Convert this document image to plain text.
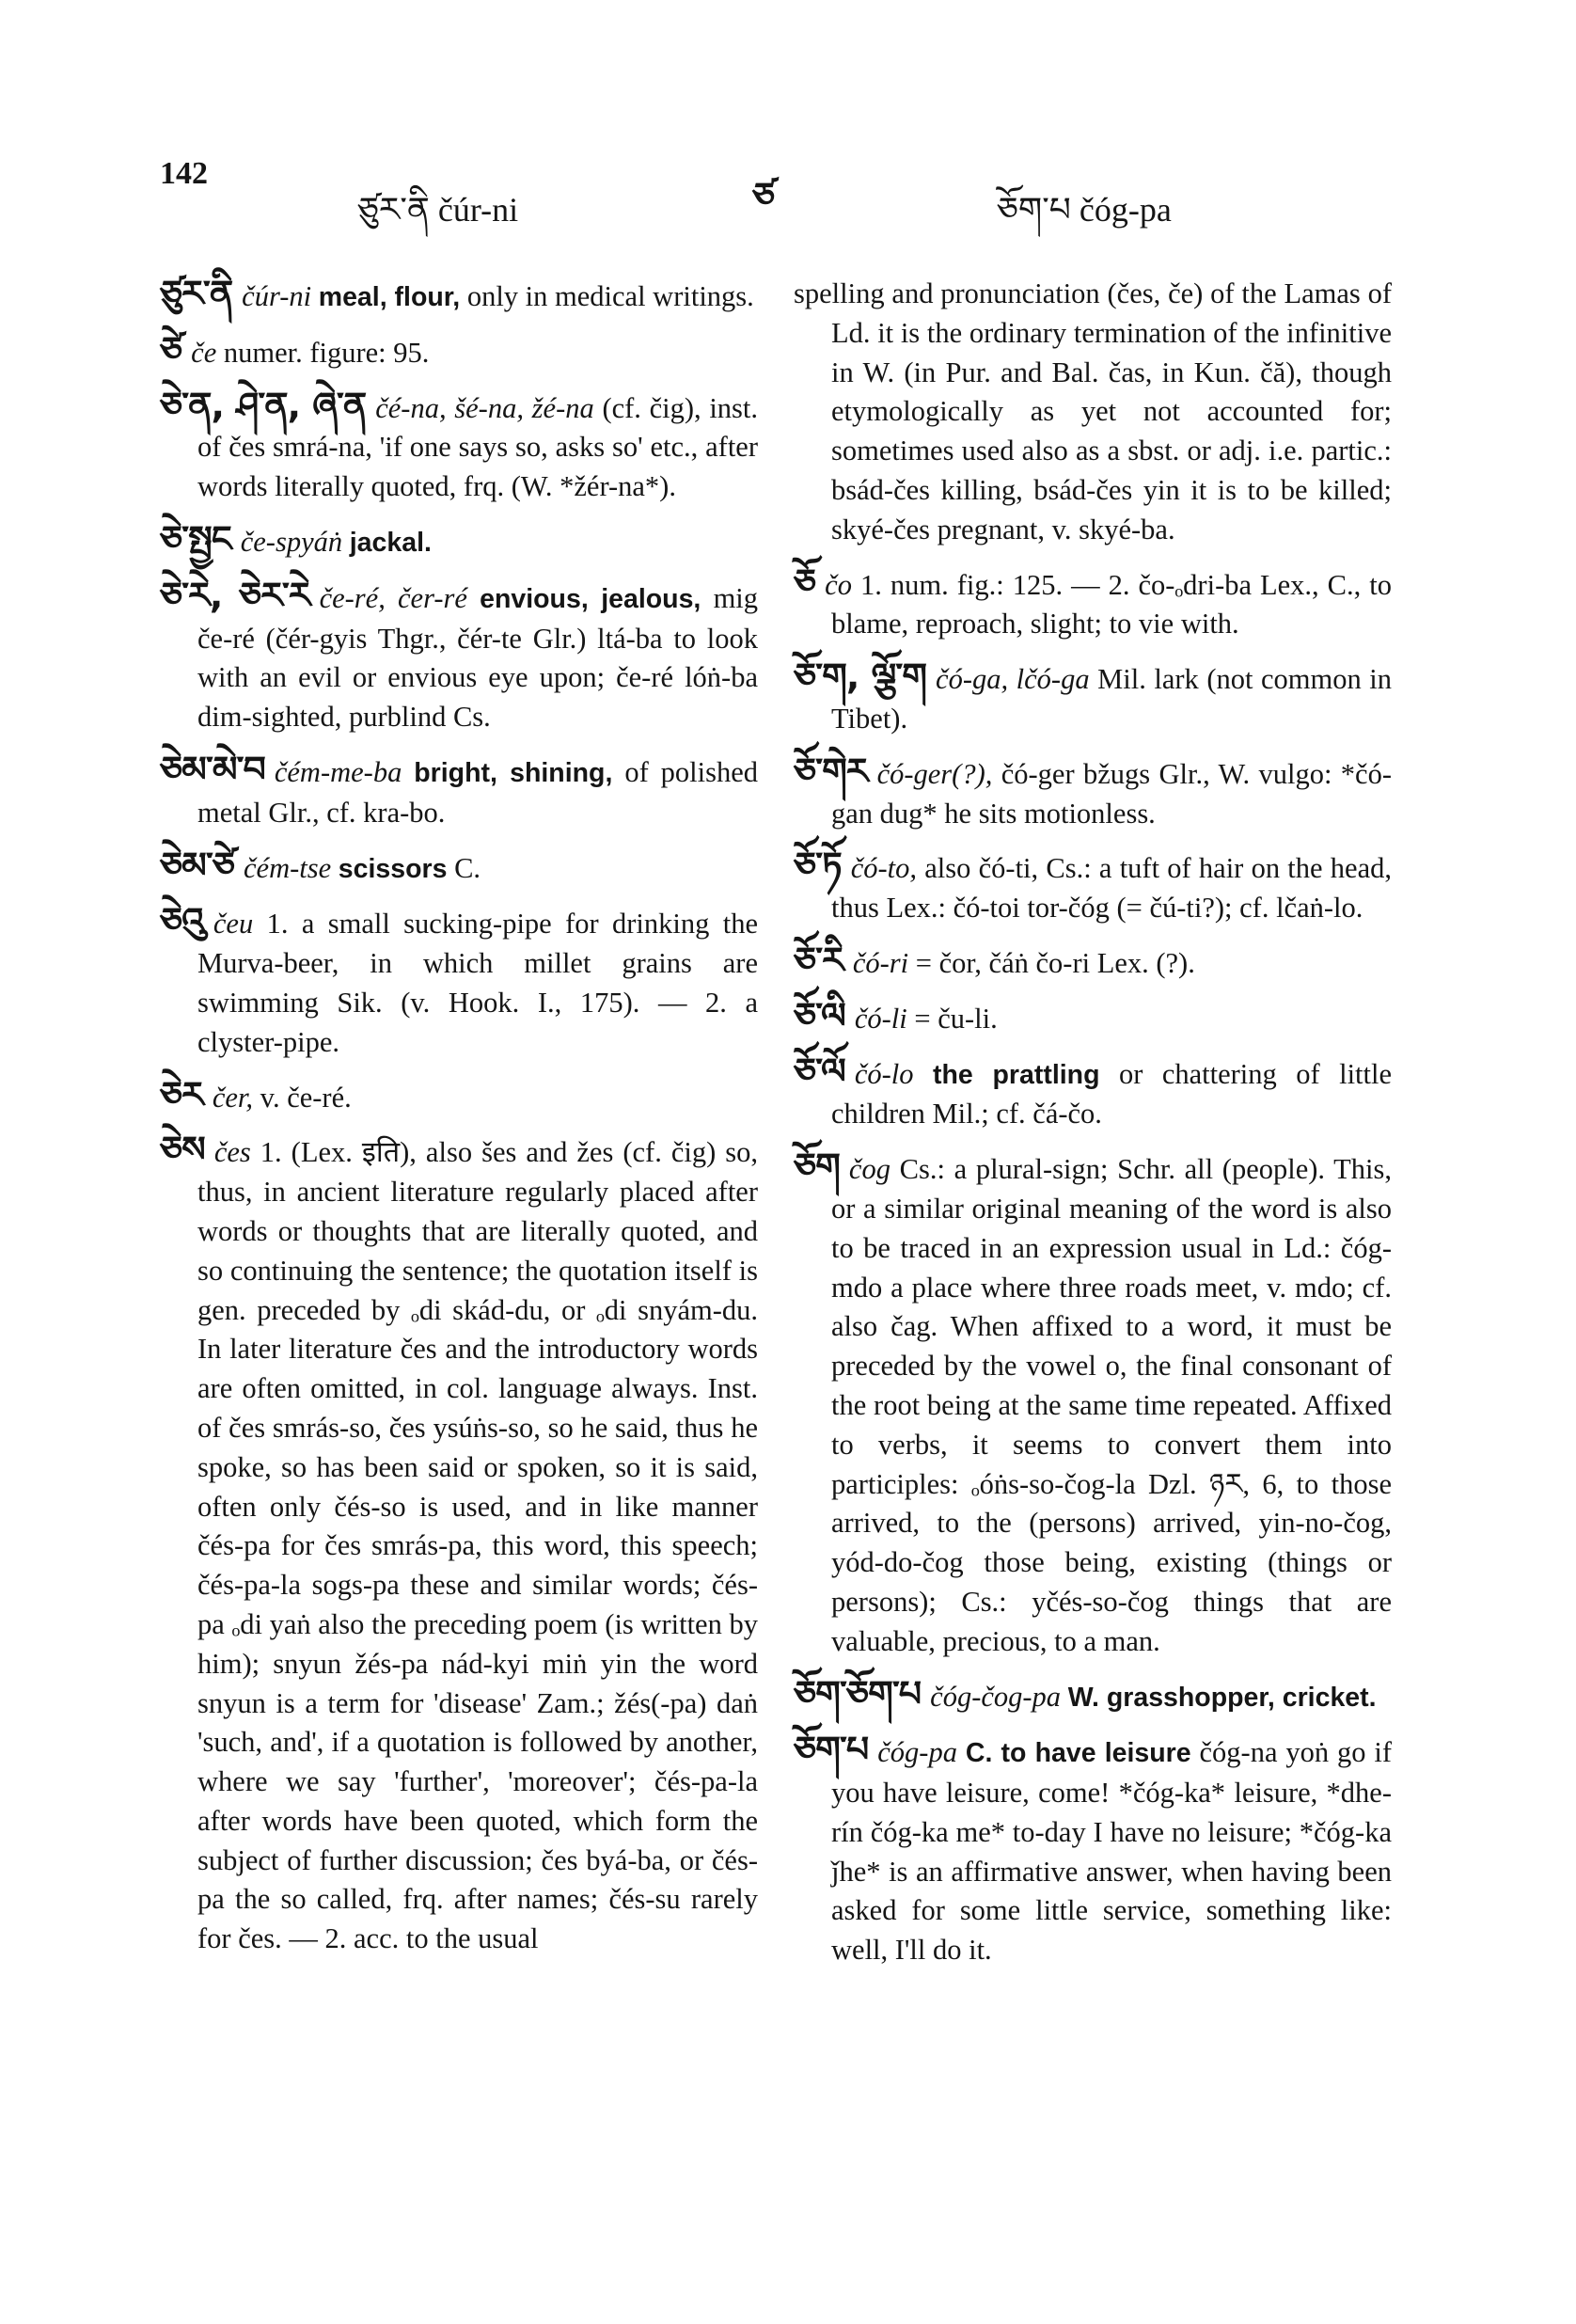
142
ཙུར་ནི čúr-ni	ཙ	ཅོག་པ čóg-pa

ཙུར་ནི čúr-ni meal, flour, only in medical writings.

ཙེ če numer. figure: 95.

ཅེ་ན, ཤེ་ན, ཞེ་ན čé-na, šé-na, žé-na (cf. čig), inst. of čes smrá-na, 'if one says so, asks so' etc., after words literally quoted, frq. (W. *žér-na*).

ཅེ་སྤྱང če-spyáṅ jackal.

ཅེ་རེ, ཅེར་རེ če-ré, čer-ré envious, jealous, mig če-ré (čér-gyis Thgr., čér-te Glr.) ltá-ba to look with an evil or envious eye upon; če-ré lóṅ-ba dim-sighted, purblind Cs.

ཅེམ་མེ་བ čém-me-ba bright, shining, of polished metal Glr., cf. kra-bo.

ཅེམ་ཙེ čém-tse scissors C.

ཅེའུ čeu 1. a small sucking-pipe for drinking the Murva-beer, in which millet grains are swimming Sik. (v. Hook. I., 175). — 2. a clyster-pipe.

ཅེར čer, v. če-ré.

ཅེས čes 1. (Lex. इति), also šes and žes (cf. čig) so, thus, in ancient literature regularly placed after words or thoughts that are literally quoted, and so continuing the sentence; the quotation itself is gen. preceded by ₒdi skád-du, or ₒdi snyám-du. In later literature čes and the introductory words are often omitted, in col. language always. Inst. of čes smrás-so, čes ysúṅs-so, so he said, thus he spoke, so has been said or spoken, so it is said, often only čés-so is used, and in like manner čés-pa for čes smrás-pa, this word, this speech; čés-pa-la sogs-pa these and similar words; čés-pa ₒdi yaṅ also the preceding poem (is written by him); snyun žés-pa nád-kyi miṅ yin the word snyun is a term for 'disease' Zam.; žés(-pa) daṅ 'such, and', if a quotation is followed by another, where we say 'further', 'moreover'; čés-pa-la after words have been quoted, which form the subject of further discussion; čes byá-ba, or čés-pa the so called, frq. after names; čés-su rarely for čes. — 2. acc. to the usual

spelling and pronunciation (čes, če) of the Lamas of Ld. it is the ordinary termination of the infinitive in W. (in Pur. and Bal. čas, in Kun. čă), though etymologically as yet not accounted for; sometimes used also as a sbst. or adj. i.e. partic.: bsád-čes killing, bsád-čes yin it is to be killed; skyé-čes pregnant, v. skyé-ba.

ཅོ čo 1. num. fig.: 125. — 2. čo-ₒdri-ba Lex., C., to blame, reproach, slight; to vie with.

ཅོ་ག, ལྕོ་ག čó-ga, lčó-ga Mil. lark (not common in Tibet).

ཅོ་གེར čó-ger(?), čó-ger bžugs Glr., W. vulgo: *čó-gan dug* he sits motionless.

ཅོ་ཏོ čó-to, also čó-ti, Cs.: a tuft of hair on the head, thus Lex.: čó-toi tor-čóg (= čú-ti?); cf. lčaṅ-lo.

ཅོ་རི čó-ri = čor, čáṅ čo-ri Lex. (?).

ཅོ་ལི čó-li = ču-li.

ཅོ་ལོ čó-lo the prattling or chattering of little children Mil.; cf. čá-čo.

ཅོག čog Cs.: a plural-sign; Schr. all (people). This, or a similar original meaning of the word is also to be traced in an expression usual in Ld.: čóg-mdo a place where three roads meet, v. mdo; cf. also čag. When affixed to a word, it must be preceded by the vowel o, the final consonant of the root being at the same time repeated. Affixed to verbs, it seems to convert them into participles: ₒóṅs-so-čog-la Dzl. ཉར, 6, to those arrived, to the (persons) arrived, yin-no-čog, yód-do-čog those being, existing (things or persons); Cs.: yčés-so-čog things that are valuable, precious, to a man.

ཅོག་ཅོག་པ čóg-čog-pa W. grasshopper, cricket.

ཅོག་པ čóg-pa C. to have leisure čóg-na yoṅ go if you have leisure, come! *čóg-ka* leisure, *dhe-rín čóg-ka me* to-day I have no leisure; *čóg-ka ǰhe* is an affirmative answer, when having been asked for some little service, something like: well, I'll do it.
